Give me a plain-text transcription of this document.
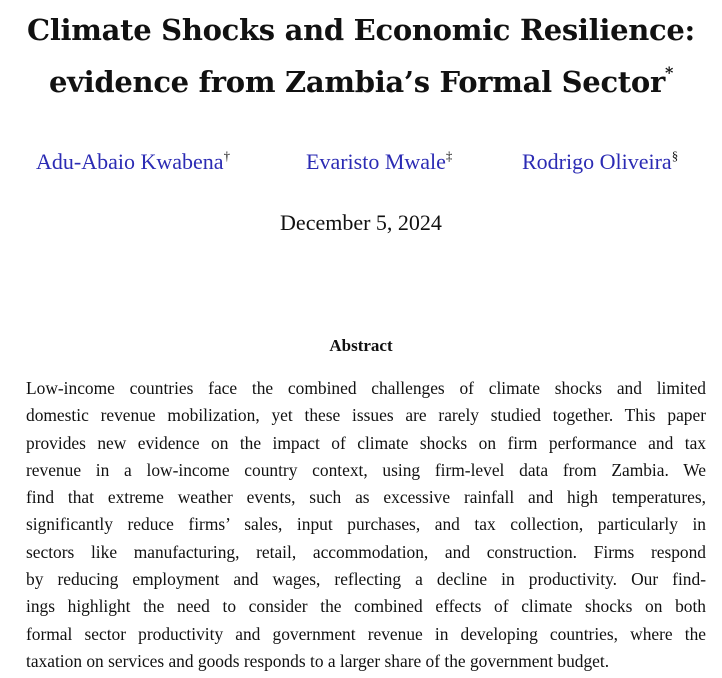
Climate Shocks and Economic Resilience:
evidence from Zambia’s Formal Sector*
Adu-Abaio Kwabena†	Evaristo Mwale‡	Rodrigo Oliveira§
December 5, 2024
Abstract
Low-income countries face the combined challenges of climate shocks and limited
domestic revenue mobilization, yet these issues are rarely studied together. This paper
provides new evidence on the impact of climate shocks on firm performance and tax
revenue in a low-income country context, using firm-level data from Zambia. We
find that extreme weather events, such as excessive rainfall and high temperatures,
significantly reduce firms’ sales, input purchases, and tax collection, particularly in
sectors like manufacturing, retail, accommodation, and construction. Firms respond
by reducing employment and wages, reflecting a decline in productivity. Our find-
ings highlight the need to consider the combined effects of climate shocks on both
formal sector productivity and government revenue in developing countries, where the
taxation on services and goods responds to a larger share of the government budget.
